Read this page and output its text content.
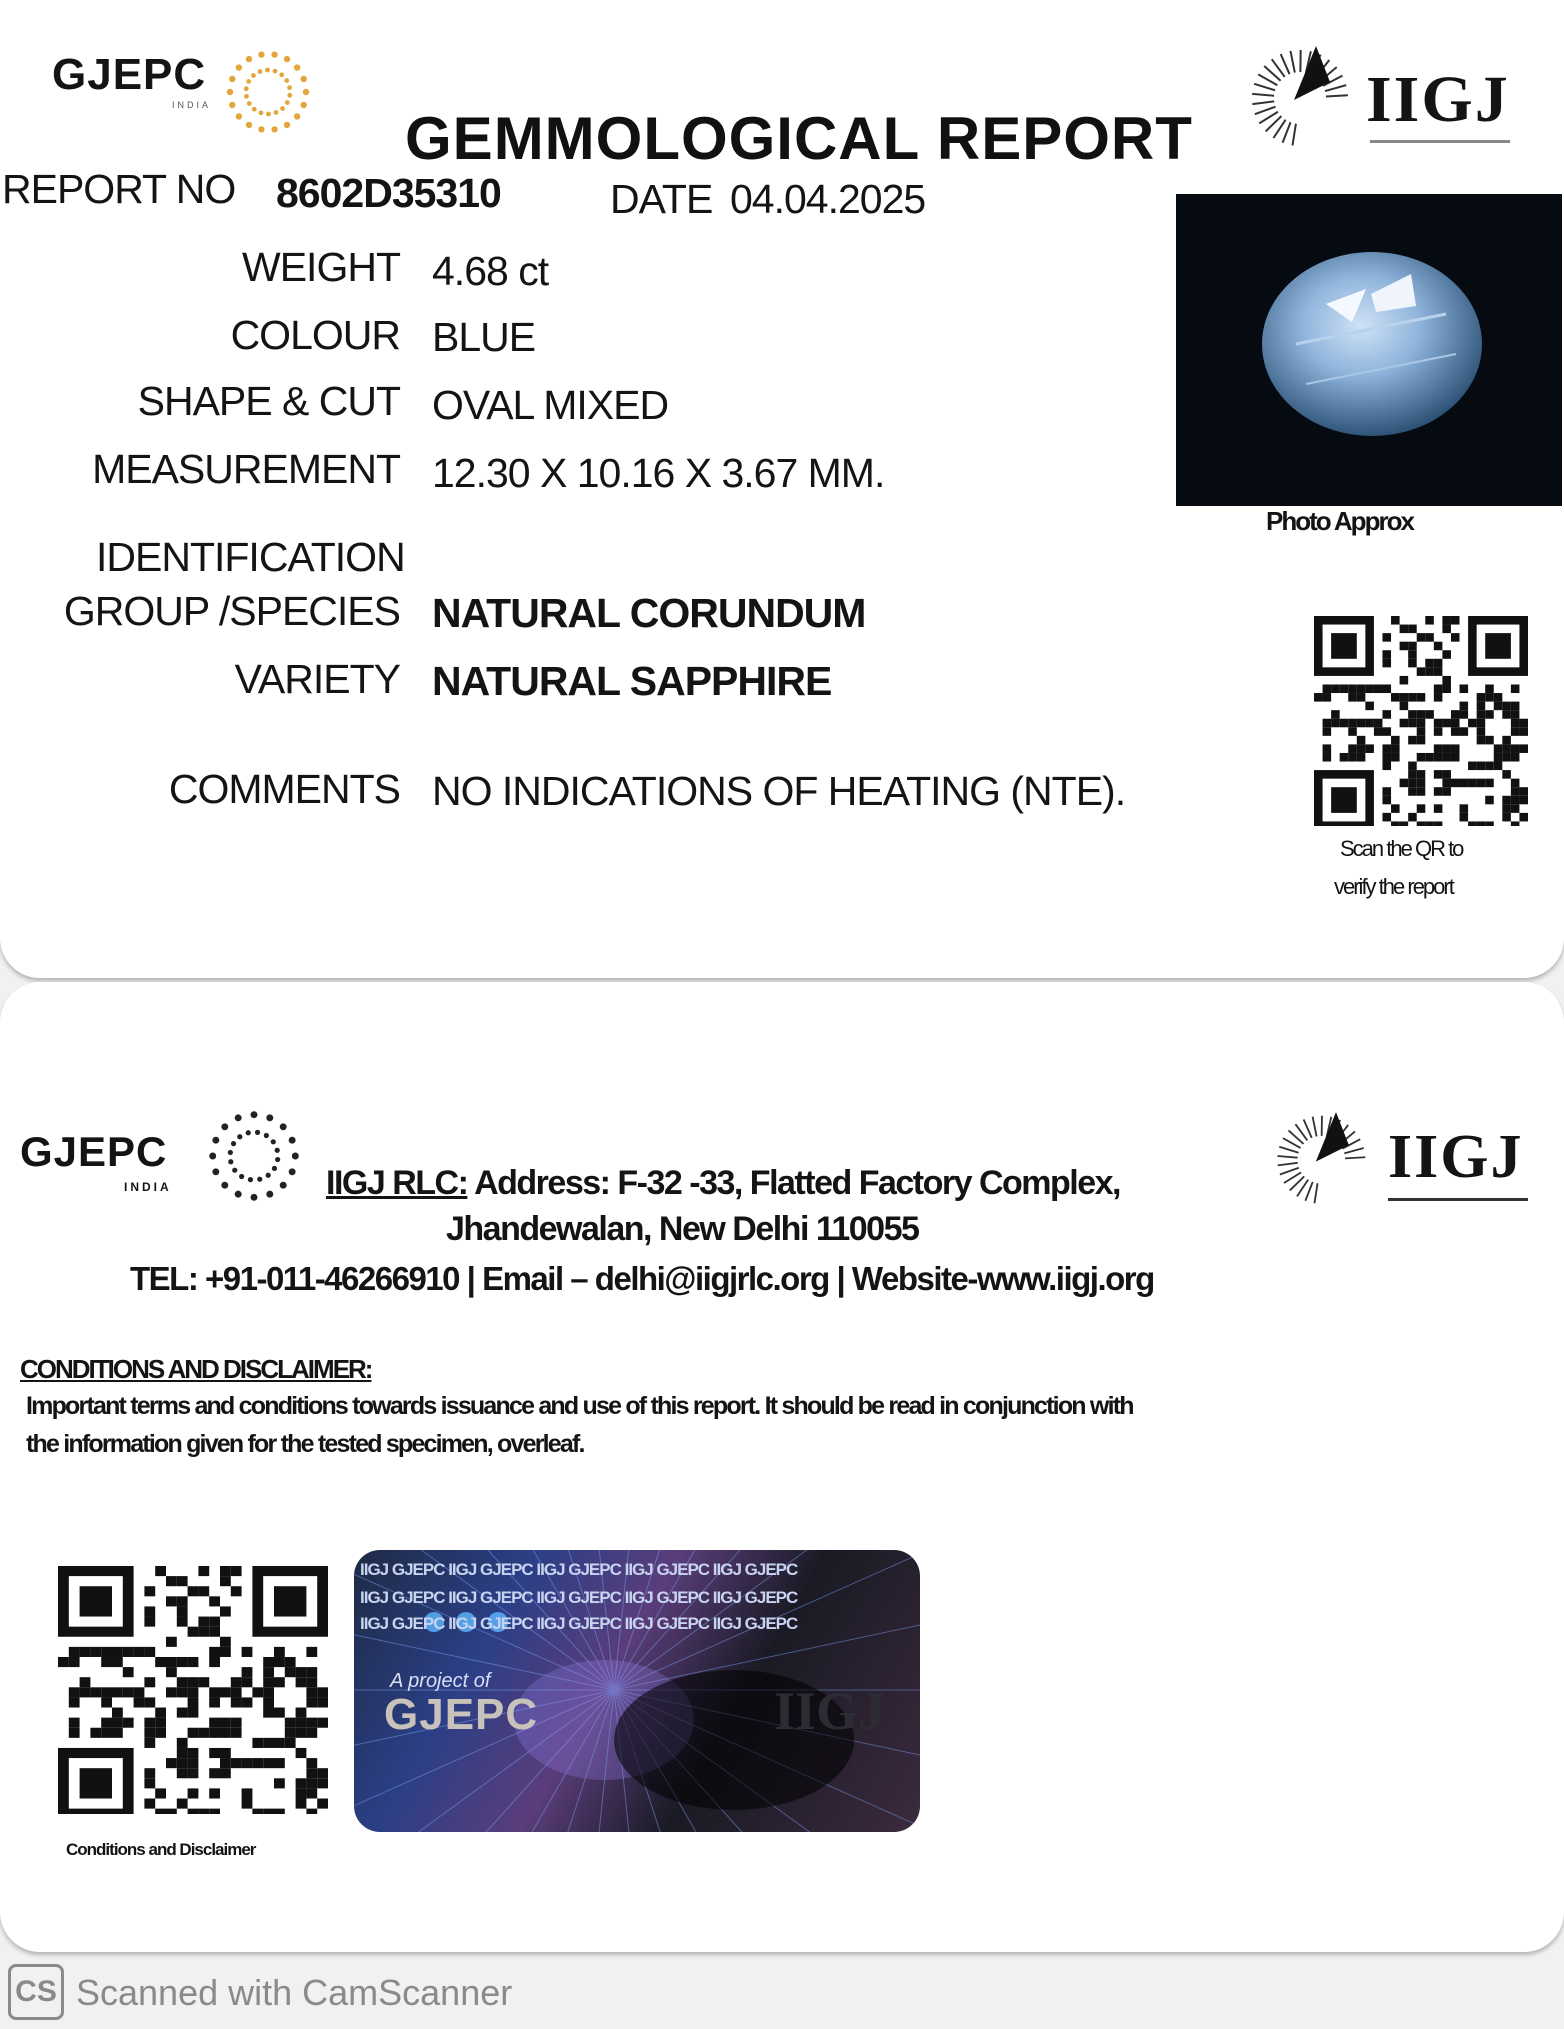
GJEPC
INDIA	IIGJ
GEMMOLOGICAL REPORT
REPORT NO 8602D35310	DATE 04.04.2025
WEIGHT 4.68 ct
COLOUR BLUE
SHAPE & CUT OVAL MIXED
MEASUREMENT 12.30 X 10.16 X 3.67 MM.
IDENTIFICATION
GROUP /SPECIES NATURAL CORUNDUM
VARIETY NATURAL SAPPHIRE
COMMENTS NO INDICATIONS OF HEATING (NTE).
Photo Approx
Scan the QR to
verify the report
GJEPC
INDIA	IIGJ
IIGJ RLC: Address: F-32 -33, Flatted Factory Complex,
Jhandewalan, New Delhi 110055
TEL: +91-011-46266910 | Email – delhi@iigjrlc.org | Website-www.iigj.org
CONDITIONS AND DISCLAIMER:
Important terms and conditions towards issuance and use of this report. It should be read in conjunction with
the information given for the tested specimen, overleaf.
Conditions and Disclaimer
IIGJ GJEPC IIGJ GJEPC IIGJ GJEPC IIGJ GJEPC IIGJ GJEPC
IIGJ GJEPC IIGJ GJEPC IIGJ GJEPC IIGJ GJEPC IIGJ GJEPC
IIGJ GJEPC IIGJ GJEPC IIGJ GJEPC IIGJ GJEPC IIGJ GJEPC
A project of
GJEPC	IIGJ
CS Scanned with CamScanner
